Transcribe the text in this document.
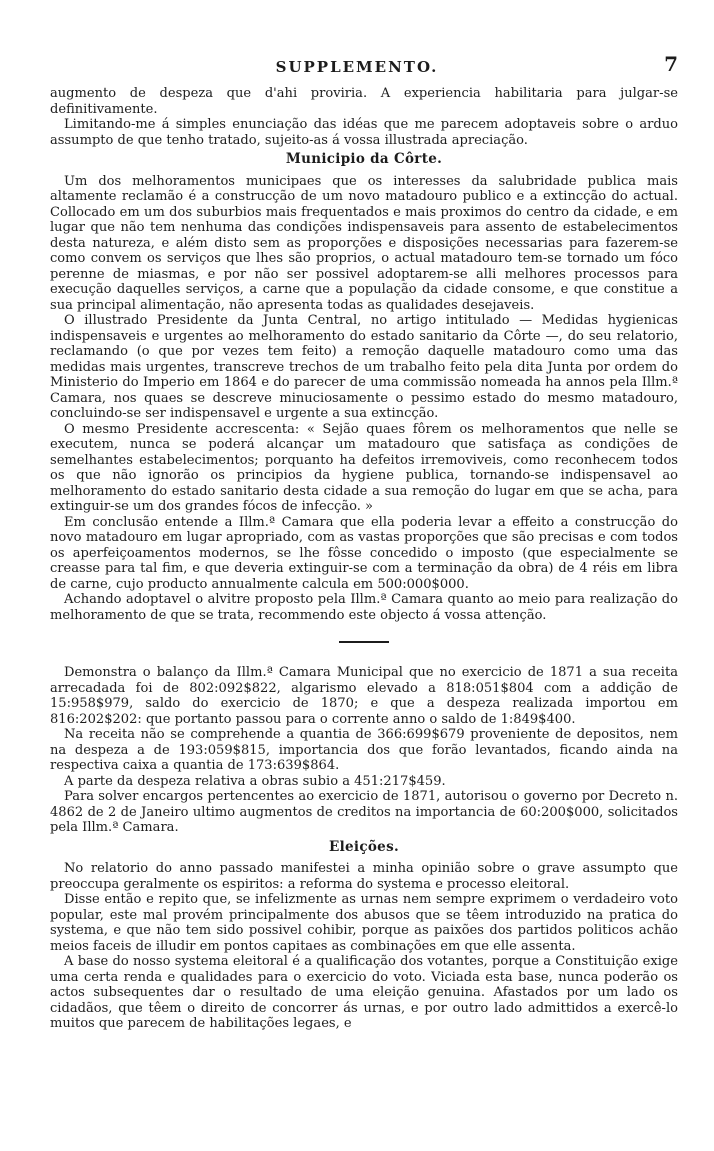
SUPPLEMENTO.	7

augmento de despeza que d'ahi proviria. A experiencia habilitaria para julgar-se definitivamente.

Limitando-me á simples enunciação das idéas que me parecem adoptaveis sobre o arduo assumpto de que tenho tratado, sujeito-as á vossa illustrada apreciação.

Municipio da Côrte.

Um dos melhoramentos municipaes que os interesses da salubridade publica mais altamente reclamão é a construcção de um novo matadouro publico e a extincção do actual. Collocado em um dos suburbios mais frequentados e mais proximos do centro da cidade, e em lugar que não tem nenhuma das condições indispensaveis para assento de estabelecimentos desta natureza, e além disto sem as proporções e disposições necessarias para fazerem-se como convem os serviços que lhes são proprios, o actual matadouro tem-se tornado um fóco perenne de miasmas, e por não ser possivel adoptarem-se alli melhores processos para execução daquelles serviços, a carne que a população da cidade consome, e que constitue a sua principal alimentação, não apresenta todas as qualidades desejaveis.

O illustrado Presidente da Junta Central, no artigo intitulado — Medidas hygienicas indispensaveis e urgentes ao melhoramento do estado sanitario da Côrte —, do seu relatorio, reclamando (o que por vezes tem feito) a remoção daquelle matadouro como uma das medidas mais urgentes, transcreve trechos de um trabalho feito pela dita Junta por ordem do Ministerio do Imperio em 1864 e do parecer de uma commissão nomeada ha annos pela Illm.ª Camara, nos quaes se descreve minuciosamente o pessimo estado do mesmo matadouro, concluindo-se ser indispensavel e urgente a sua extincção.

O mesmo Presidente accrescenta: « Sejão quaes fôrem os melhoramentos que nelle se executem, nunca se poderá alcançar um matadouro que satisfaça as condições de semelhantes estabelecimentos; porquanto ha defeitos irremoviveis, como reconhecem todos os que não ignorão os principios da hygiene publica, tornando-se indispensavel ao melhoramento do estado sanitario desta cidade a sua remoção do lugar em que se acha, para extinguir-se um dos grandes fócos de infecção. »

Em conclusão entende a Illm.ª Camara que ella poderia levar a effeito a construcção do novo matadouro em lugar apropriado, com as vastas proporções que são precisas e com todos os aperfeiçoamentos modernos, se lhe fôsse concedido o imposto (que especialmente se creasse para tal fim, e que deveria extinguir-se com a terminação da obra) de 4 réis em libra de carne, cujo producto annualmente calcula em 500:000$000.

Achando adoptavel o alvitre proposto pela Illm.ª Camara quanto ao meio para realização do melhoramento de que se trata, recommendo este objecto á vossa attenção.

Demonstra o balanço da Illm.ª Camara Municipal que no exercicio de 1871 a sua receita arrecadada foi de 802:092$822, algarismo elevado a 818:051$804 com a addição de 15:958$979, saldo do exercicio de 1870; e que a despeza realizada importou em 816:202$202: que portanto passou para o corrente anno o saldo de 1:849$400.

Na receita não se comprehende a quantia de 366:699$679 proveniente de depositos, nem na despeza a de 193:059$815, importancia dos que forão levantados, ficando ainda na respectiva caixa a quantia de 173:639$864.

A parte da despeza relativa a obras subio a 451:217$459.

Para solver encargos pertencentes ao exercicio de 1871, autorisou o governo por Decreto n. 4862 de 2 de Janeiro ultimo augmentos de creditos na importancia de 60:200$000, solicitados pela Illm.ª Camara.

Eleições.

No relatorio do anno passado manifestei a minha opinião sobre o grave assumpto que preoccupa geralmente os espiritos: a reforma do systema e processo eleitoral.

Disse então e repito que, se infelizmente as urnas nem sempre exprimem o verdadeiro voto popular, este mal provém principalmente dos abusos que se têem introduzido na pratica do systema, e que não tem sido possivel cohibir, porque as paixões dos partidos politicos achão meios faceis de illudir em pontos capitaes as combinações em que elle assenta.

A base do nosso systema eleitoral é a qualificação dos votantes, porque a Constituição exige uma certa renda e qualidades para o exercicio do voto. Viciada esta base, nunca poderão os actos subsequentes dar o resultado de uma eleição genuina. Afastados por um lado os cidadãos, que têem o direito de concorrer ás urnas, e por outro lado admittidos a exercê-lo muitos que parecem de habilitações legaes, e
